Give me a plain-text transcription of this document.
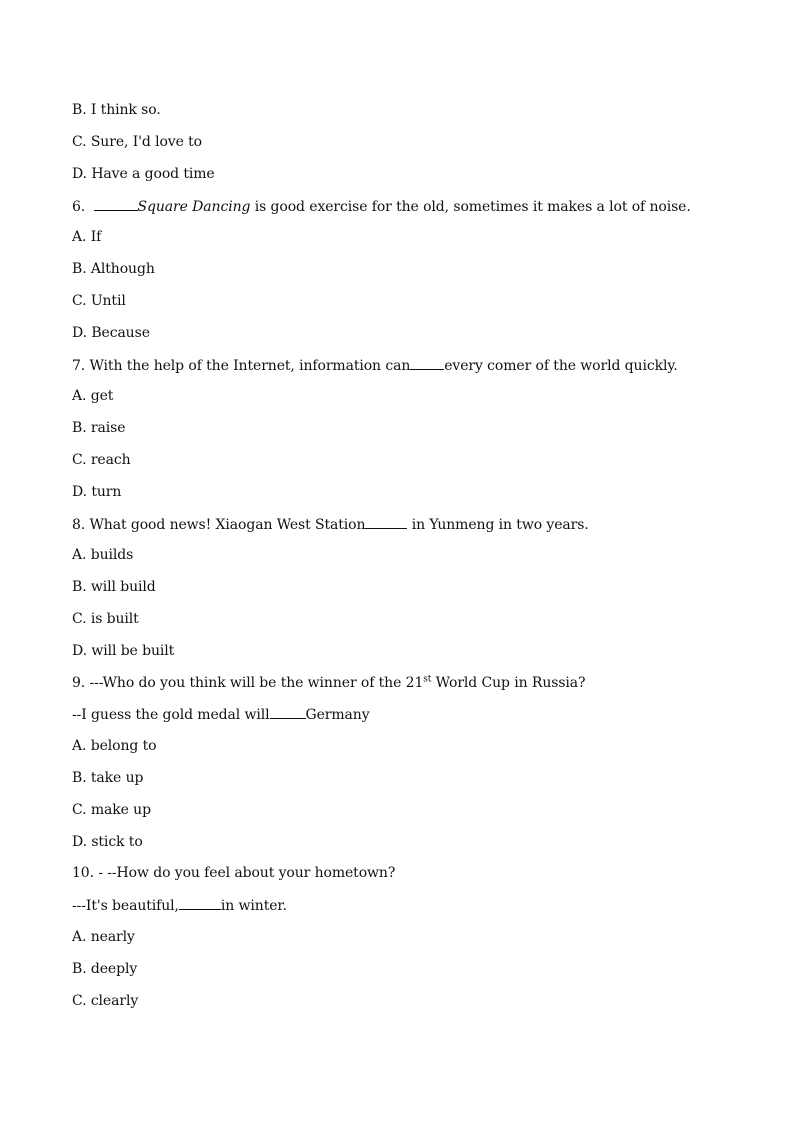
B. I think so.
C. Sure, I'd love to
D. Have a good time
6.	Square Dancing is good exercise for the old, sometimes it makes a lot of noise.
A. If
B. Although
C. Until
D. Because
7. With the help of the Internet, information can every comer of the world quickly.
A. get
B. raise
C. reach
D. turn
8. What good news! Xiaogan West Station	in Yunmeng in two years.
A. builds
B. will build
C. is built
D. will be built
9. ---Who do you think will be the winner of the 21st World Cup in Russia?
--I guess the gold medal will	Germany
A. belong to
B. take up
C. make up
D. stick to
10. - --How do you feel about your hometown?
---It's beautiful,	in winter.
A. nearly
B. deeply
C. clearly
